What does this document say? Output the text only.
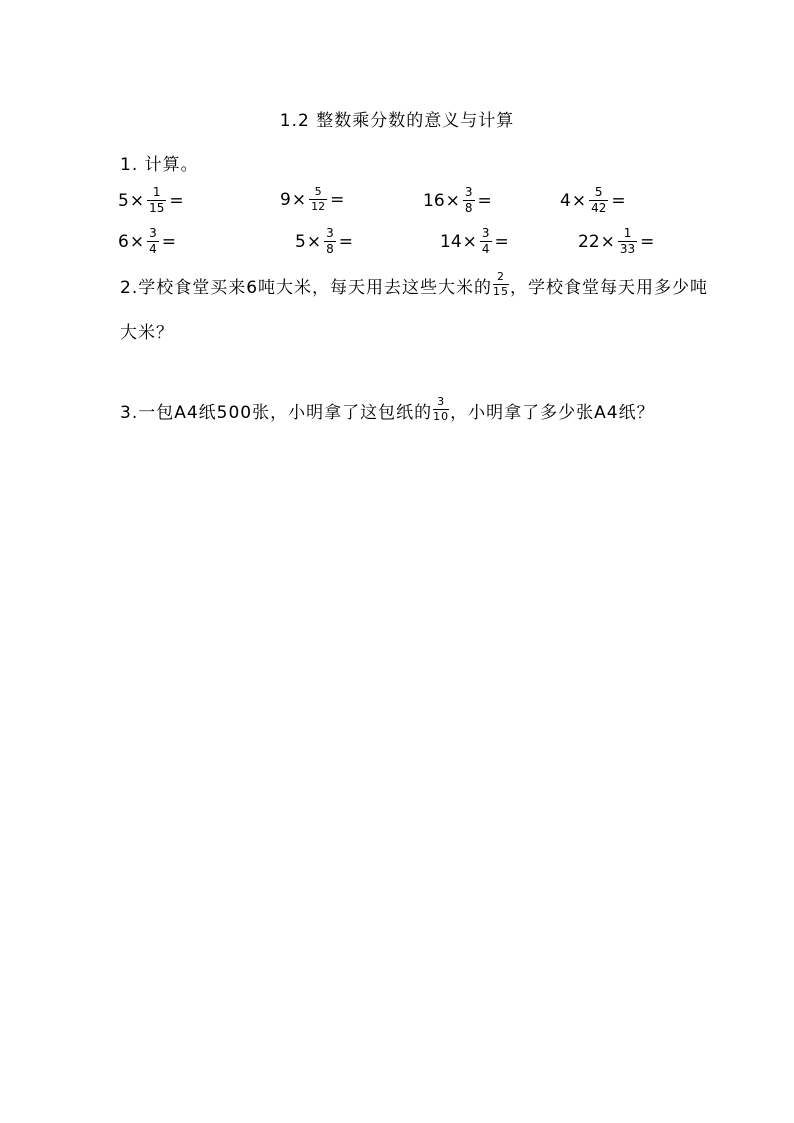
1.2 整数乘分数的意义与计算
1. 计算。
$5 \times \frac{1}{15}$ =	$9 \times \frac{5}{12}$ =	$16 \times \frac{3}{8}$ =	$4 \times \frac{5}{42}$ =
$6 \times \frac{3}{4}$ =	$5 \times \frac{3}{8}$ =	$14 \times \frac{3}{4}$ =	$22 \times \frac{1}{33}$ =
2.学校食堂买来6吨大米，每天用去这些大米的 $\frac{2}{15}$ ，学校食堂每天用多少吨
大米？
3.一包A4纸500张，小明拿了这包纸的 $\frac{3}{10}$ ，小明拿了多少张A4纸？
